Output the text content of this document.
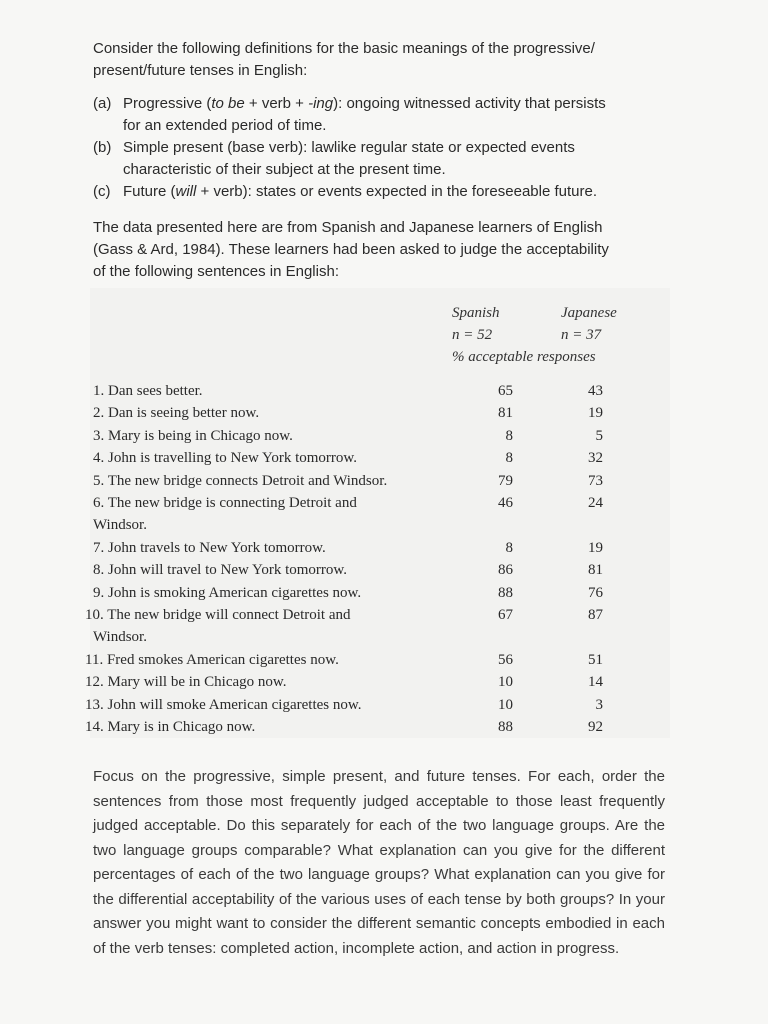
Consider the following definitions for the basic meanings of the progressive/
present/future tenses in English:
(a) Progressive (to be + verb + -ing): ongoing witnessed activity that persists
for an extended period of time.
(b) Simple present (base verb): lawlike regular state or expected events
characteristic of their subject at the present time.
(c) Future (will + verb): states or events expected in the foreseeable future.
The data presented here are from Spanish and Japanese learners of English
(Gass & Ard, 1984). These learners had been asked to judge the acceptability
of the following sentences in English:
Spanish	Japanese
n = 52	n = 37
% acceptable responses
1. Dan sees better.	65	43
2. Dan is seeing better now.	81	19
3. Mary is being in Chicago now.	8	5
4. John is travelling to New York tomorrow.	8	32
5. The new bridge connects Detroit and Windsor.	79	73
6. The new bridge is connecting Detroit and
Windsor.
46	24
7. John travels to New York tomorrow.	8	19
8. John will travel to New York tomorrow.	86	81
9. John is smoking American cigarettes now.	88	76
10. The new bridge will connect Detroit and
Windsor.
67	87
11. Fred smokes American cigarettes now.	56	51
12. Mary will be in Chicago now.	10	14
13. John will smoke American cigarettes now.	10	3
14. Mary is in Chicago now.	88	92

Focus on the progressive, simple present, and future tenses. For each, order the sentences from those most frequently judged acceptable to those least frequently judged acceptable. Do this separately for each of the two language groups. Are the two language groups comparable? What explanation can you give for the different percentages of each of the two language groups? What explanation can you give for the differential acceptability of the various uses of each tense by both groups? In your answer you might want to consider the different semantic concepts embodied in each of the verb tenses: completed action, incomplete action, and action in progress.
